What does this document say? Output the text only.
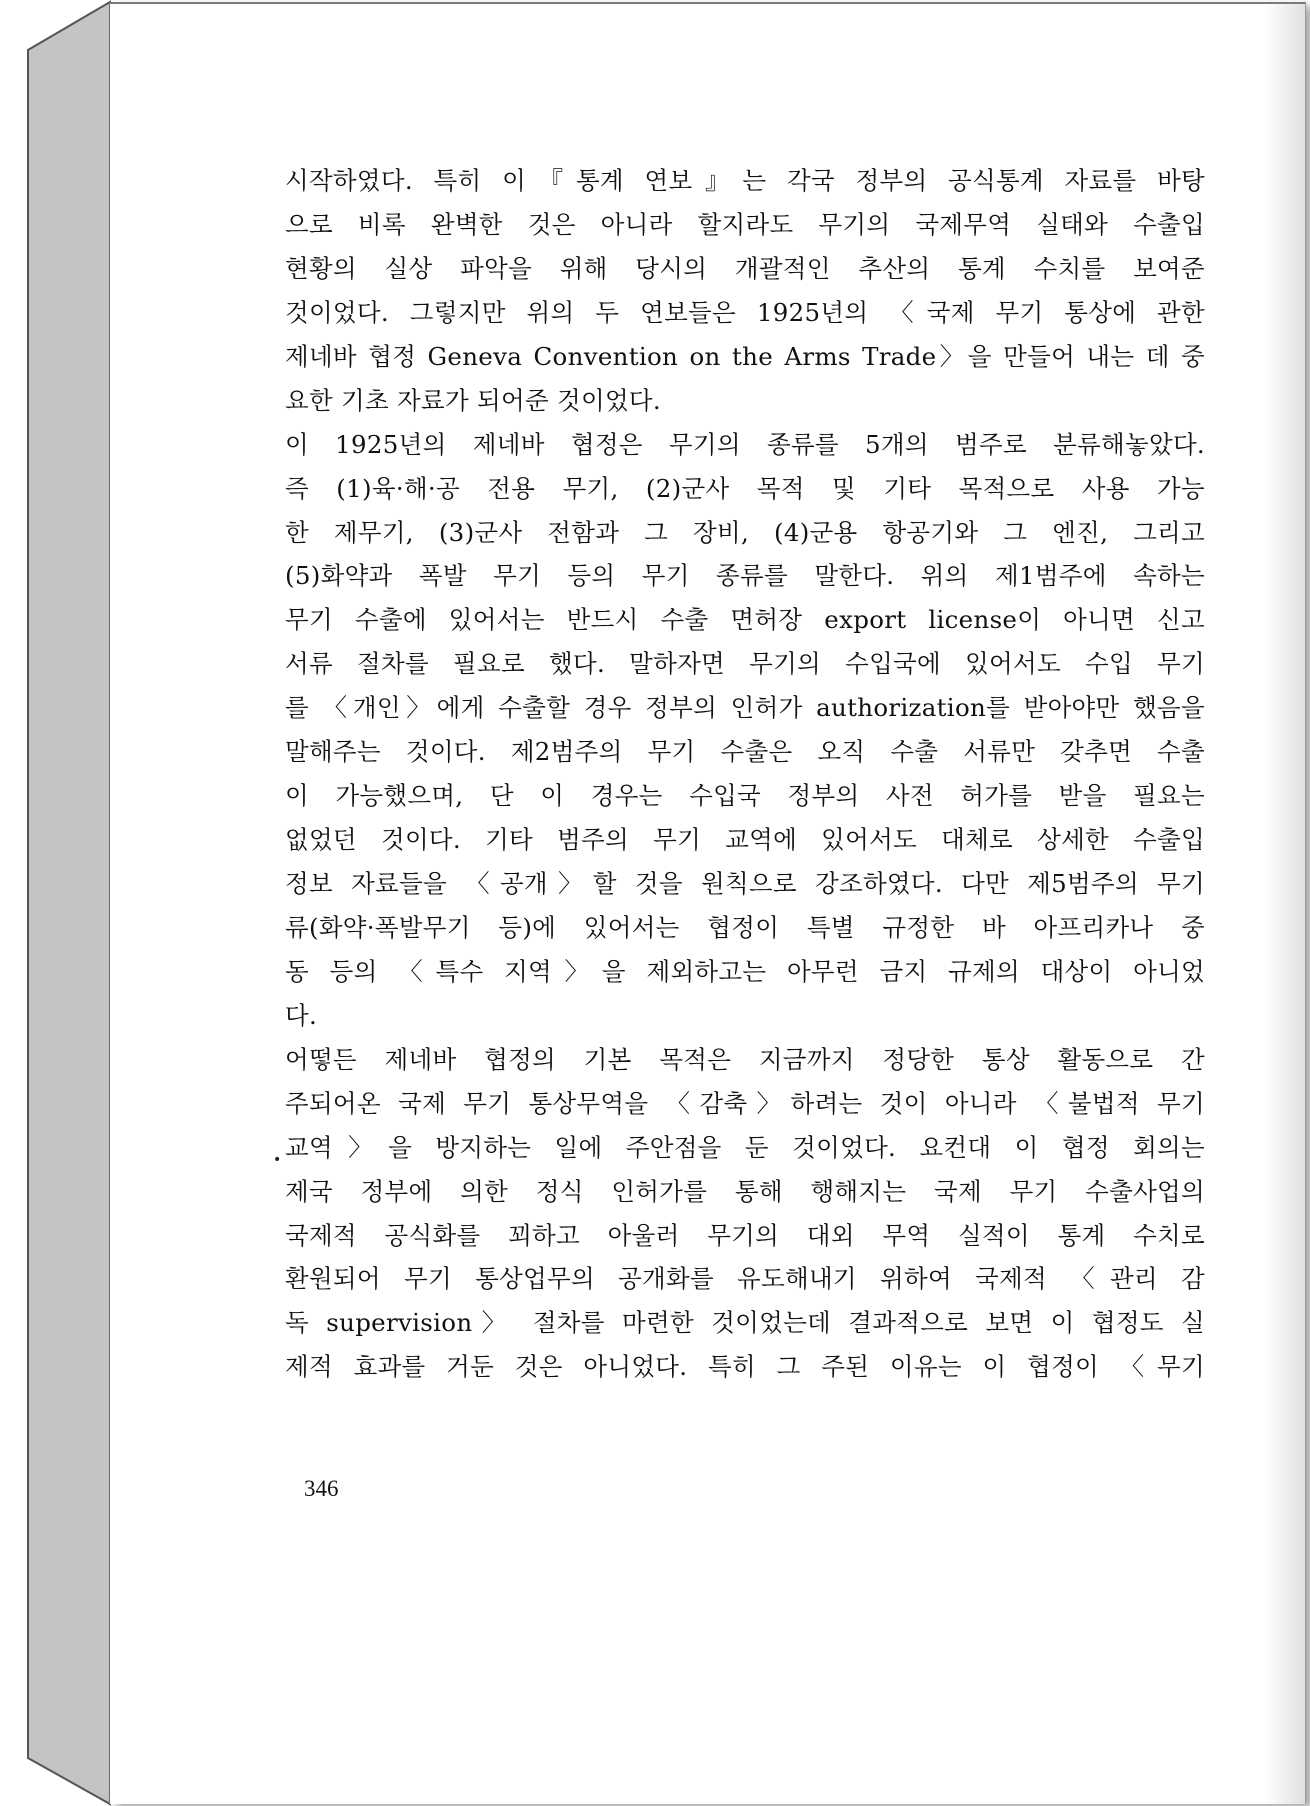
시작하였다. 특히 이『통계 연보』는 각국 정부의 공식통계 자료를 바탕
으로 비록 완벽한 것은 아니라 할지라도 무기의 국제무역 실태와 수출입
현황의 실상 파악을 위해 당시의 개괄적인 추산의 통계 수치를 보여준
것이었다. 그렇지만 위의 두 연보들은 1925년의 〈국제 무기 통상에 관한
제네바 협정 Geneva Convention on the Arms Trade〉을 만들어 내는 데 중
요한 기초 자료가 되어준 것이었다.
이 1925년의 제네바 협정은 무기의 종류를 5개의 범주로 분류해놓았다.
즉 (1)육·해·공 전용 무기, (2)군사 목적 및 기타 목적으로 사용 가능
한 제무기, (3)군사 전함과 그 장비, (4)군용 항공기와 그 엔진, 그리고
(5)화약과 폭발 무기 등의 무기 종류를 말한다. 위의 제1범주에 속하는
무기 수출에 있어서는 반드시 수출 면허장 export license이 아니면 신고
서류 절차를 필요로 했다. 말하자면 무기의 수입국에 있어서도 수입 무기
를 〈개인〉에게 수출할 경우 정부의 인허가 authorization를 받아야만 했음을
말해주는 것이다. 제2범주의 무기 수출은 오직 수출 서류만 갖추면 수출
이 가능했으며, 단 이 경우는 수입국 정부의 사전 허가를 받을 필요는
없었던 것이다. 기타 범주의 무기 교역에 있어서도 대체로 상세한 수출입
정보 자료들을 〈공개〉할 것을 원칙으로 강조하였다. 다만 제5범주의 무기
류(화약·폭발무기 등)에 있어서는 협정이 특별 규정한 바 아프리카나 중
동 등의 〈특수 지역〉을 제외하고는 아무런 금지 규제의 대상이 아니었
다.
어떻든 제네바 협정의 기본 목적은 지금까지 정당한 통상 활동으로 간
주되어온 국제 무기 통상무역을 〈감축〉하려는 것이 아니라 〈불법적 무기
교역〉을 방지하는 일에 주안점을 둔 것이었다. 요컨대 이 협정 회의는
제국 정부에 의한 정식 인허가를 통해 행해지는 국제 무기 수출사업의
국제적 공식화를 꾀하고 아울러 무기의 대외 무역 실적이 통계 수치로
환원되어 무기 통상업무의 공개화를 유도해내기 위하여 국제적 〈관리 감
독 supervision〉 절차를 마련한 것이었는데 결과적으로 보면 이 협정도 실
제적 효과를 거둔 것은 아니었다. 특히 그 주된 이유는 이 협정이 〈무기
•
346
